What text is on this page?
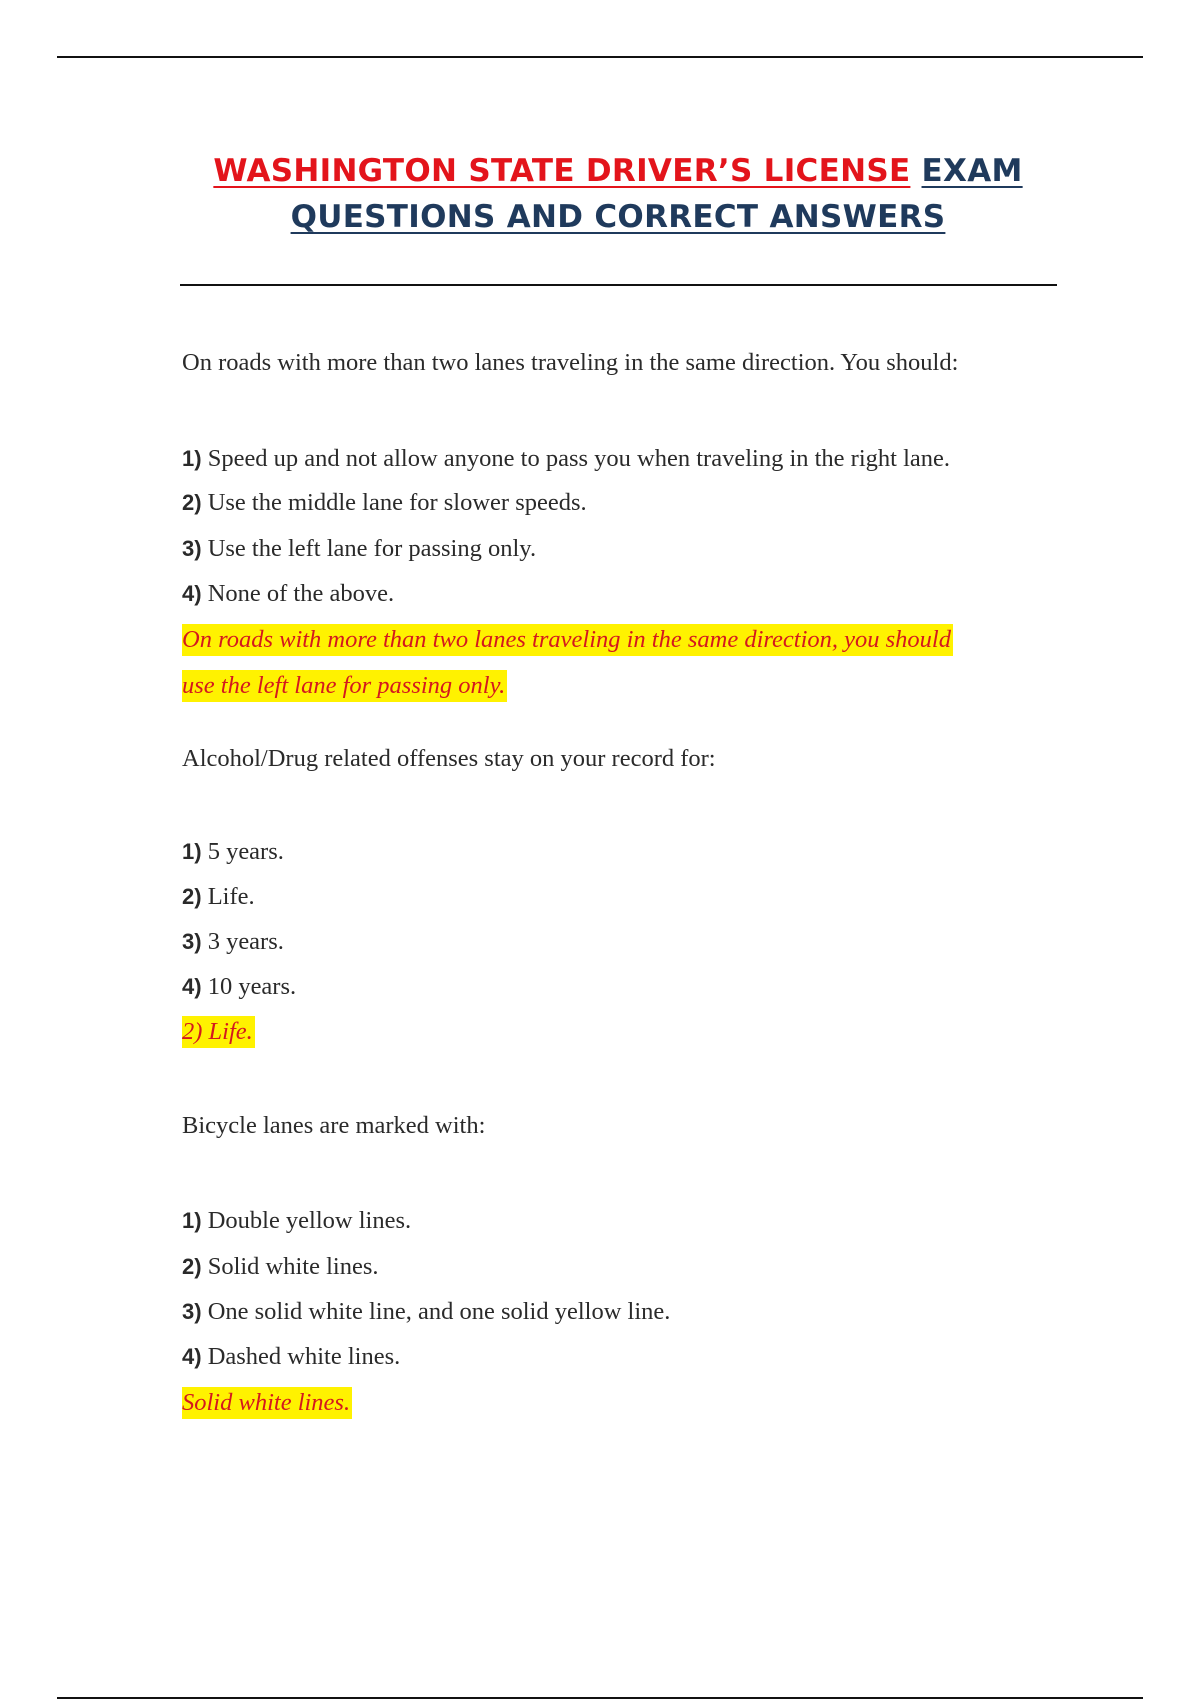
WASHINGTON STATE DRIVER’S LICENSE EXAM
QUESTIONS AND CORRECT ANSWERS
On roads with more than two lanes traveling in the same direction. You should:
1) Speed up and not allow anyone to pass you when traveling in the right lane.
2) Use the middle lane for slower speeds.
3) Use the left lane for passing only.
4) None of the above.
On roads with more than two lanes traveling in the same direction, you should
use the left lane for passing only.
Alcohol/Drug related offenses stay on your record for:
1) 5 years.
2) Life.
3) 3 years.
4) 10 years.
2) Life.
Bicycle lanes are marked with:
1) Double yellow lines.
2) Solid white lines.
3) One solid white line, and one solid yellow line.
4) Dashed white lines.
Solid white lines.
